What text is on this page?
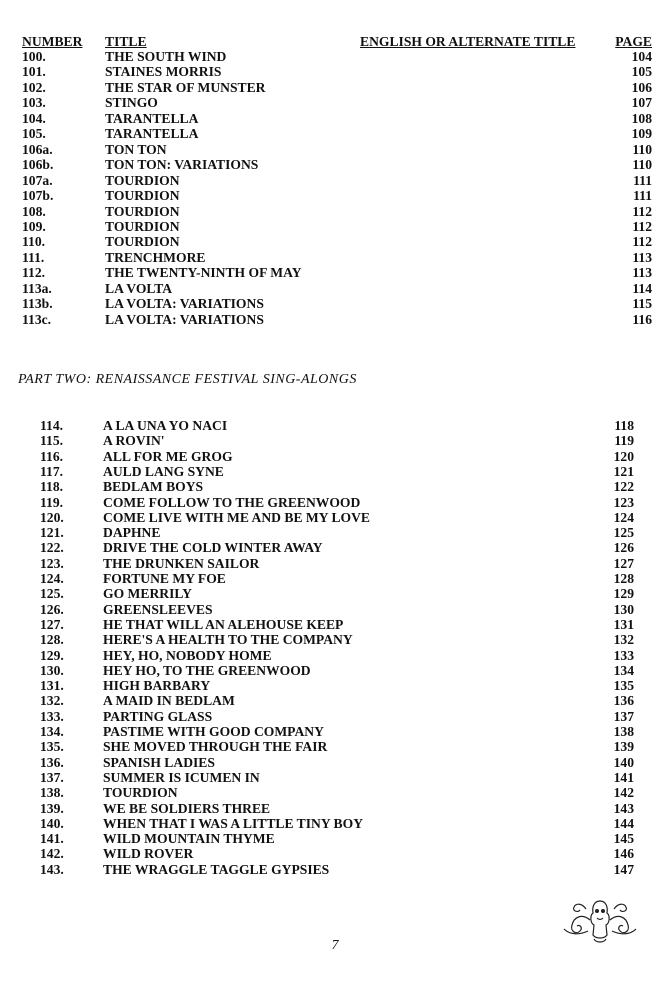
NUMBER TITLE	ENGLISH OR ALTERNATE TITLE	PAGE
100.	THE SOUTH WIND	104
101.	STAINES MORRIS	105
102.	THE STAR OF MUNSTER	106
103.	STINGO	107
104.	TARANTELLA	108
105.	TARANTELLA	109
106a.	TON TON	110
106b.	TON TON: VARIATIONS	110
107a.	TOURDION	111
107b.	TOURDION	111
108.	TOURDION	112
109.	TOURDION	112
110.	TOURDION	112
111.	TRENCHMORE	113
112.	THE TWENTY-NINTH OF MAY	113
113a.	LA VOLTA	114
113b.	LA VOLTA: VARIATIONS	115
113c.	LA VOLTA: VARIATIONS	116
PART TWO: RENAISSANCE FESTIVAL SING-ALONGS
114.	A LA UNA YO NACI	118
115.	A ROVIN'	119
116.	ALL FOR ME GROG	120
117.	AULD LANG SYNE	121
118.	BEDLAM BOYS	122
119.	COME FOLLOW TO THE GREENWOOD	123
120.	COME LIVE WITH ME AND BE MY LOVE	124
121.	DAPHNE	125
122.	DRIVE THE COLD WINTER AWAY	126
123.	THE DRUNKEN SAILOR	127
124.	FORTUNE MY FOE	128
125.	GO MERRILY	129
126.	GREENSLEEVES	130
127.	HE THAT WILL AN ALEHOUSE KEEP	131
128.	HERE'S A HEALTH TO THE COMPANY	132
129.	HEY, HO, NOBODY HOME	133
130.	HEY HO, TO THE GREENWOOD	134
131.	HIGH BARBARY	135
132.	A MAID IN BEDLAM	136
133.	PARTING GLASS	137
134.	PASTIME WITH GOOD COMPANY	138
135.	SHE MOVED THROUGH THE FAIR	139
136.	SPANISH LADIES	140
137.	SUMMER IS ICUMEN IN	141
138.	TOURDION	142
139.	WE BE SOLDIERS THREE	143
140.	WHEN THAT I WAS A LITTLE TINY BOY	144
141.	WILD MOUNTAIN THYME	145
142.	WILD ROVER	146
143.	THE WRAGGLE TAGGLE GYPSIES	147
7
